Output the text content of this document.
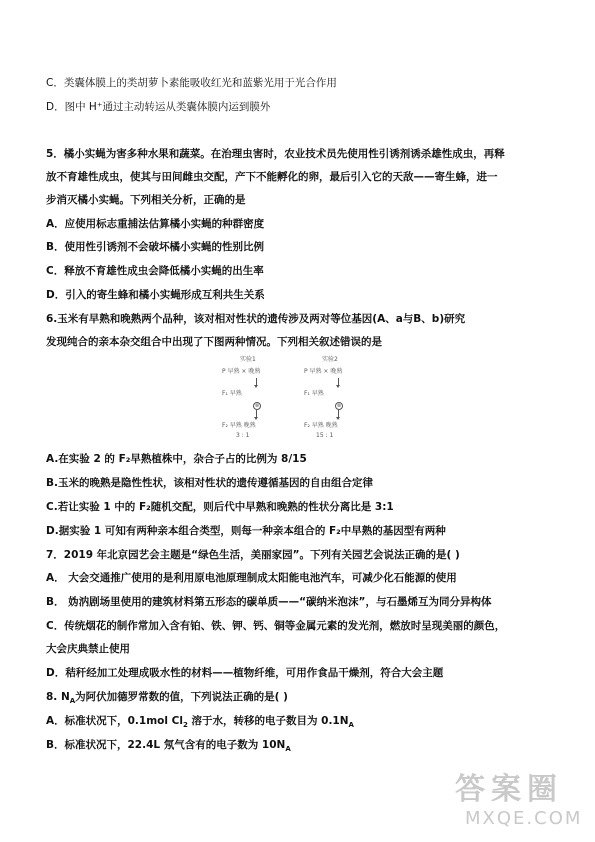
C．类囊体膜上的类胡萝卜素能吸收红光和蓝紫光用于光合作用
D．图中 H⁺通过主动转运从类囊体膜内运到膜外
5．橘小实蝇为害多种水果和蔬菜。在治理虫害时，农业技术员先使用性引诱剂诱杀雄性成虫，再释
放不育雄性成虫，使其与田间雌虫交配，产下不能孵化的卵，最后引入它的天敌——寄生蜂，进一
步消灭橘小实蝇。下列相关分析，正确的是
A．应使用标志重捕法估算橘小实蝇的种群密度
B．使用性引诱剂不会破坏橘小实蝇的性别比例
C．释放不育雄性成虫会降低橘小实蝇的出生率
D．引入的寄生蜂和橘小实蝇形成互利共生关系
6.玉米有早熟和晚熟两个品种，该对相对性状的遗传涉及两对等位基因(A、a与B、b)研究
发现纯合的亲本杂交组合中出现了下图两种情况。下列相关叙述错误的是
实验1
P 早熟 × 晚熟
F₁ 早熟
⊗
F₂ 早熟 晚熟
3 : 1
实验2
P 早熟 × 晚熟
F₁ 早熟
⊗
F₂ 早熟 晚熟
15 : 1
A.在实验 2 的 F₂早熟植株中，杂合子占的比例为 8/15
B.玉米的晚熟是隐性性状，该相对性状的遗传遵循基因的自由组合定律
C.若让实验 1 中的 F₂随机交配，则后代中早熟和晚熟的性状分离比是 3:1
D.据实验 1 可知有两种亲本组合类型，则每一种亲本组合的 F₂中早熟的基因型有两种
7．2019 年北京园艺会主题是“绿色生活，美丽家园”。下列有关园艺会说法正确的是( )
A． 大会交通推广使用的是利用原电池原理制成太阳能电池汽车，可减少化石能源的使用
B． 妫汭剧场里使用的建筑材料第五形态的碳单质——“碳纳米泡沫”，与石墨烯互为同分异构体
C．传统烟花的制作常加入含有铂、铁、钾、钙、铜等金属元素的发光剂，燃放时呈现美丽的颜色，
大会庆典禁止使用
D．秸秆经加工处理成吸水性的材料——植物纤维，可用作食品干燥剂，符合大会主题
8. $N_A$为阿伏加德罗常数的值，下列说法正确的是( )
A．标准状况下，0.1mol $Cl_2$ 溶于水，转移的电子数目为 $0.1N_A$
B．标准状况下，22.4L 氖气含有的电子数为 $10N_A$
答案圈
MXQE.COM
